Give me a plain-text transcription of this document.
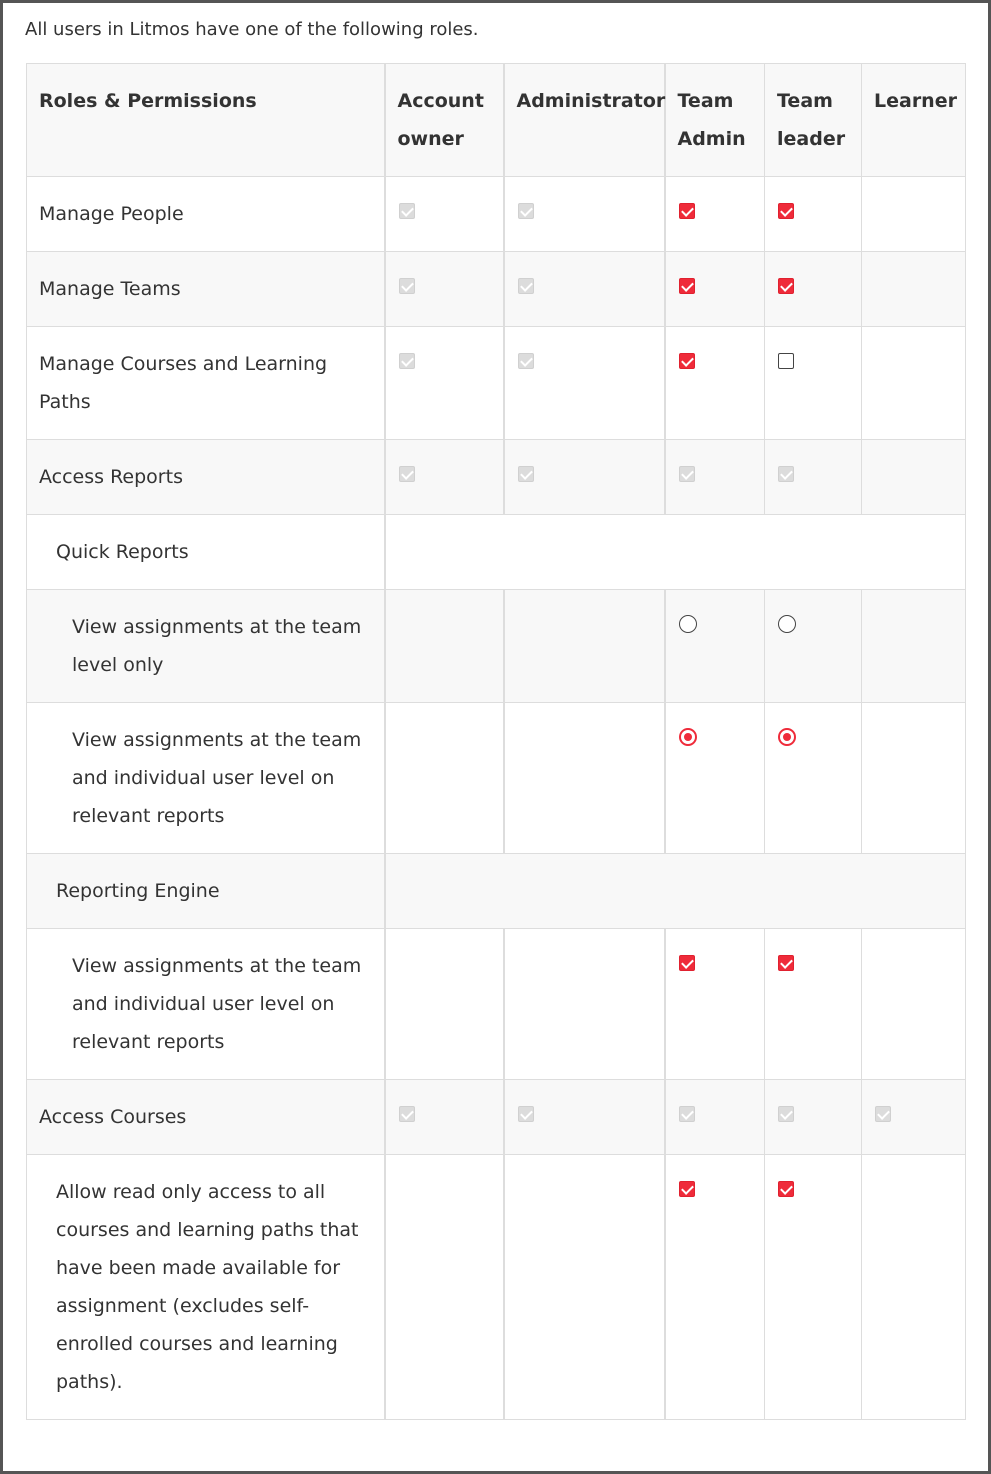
All users in Litmos have one of the following roles.

Roles & Permissions	Account owner	Administrator	Team Admin	Team leader	Learner
Manage People					
Manage Teams					
Manage Courses and Learning Paths					
Access Reports					
Quick Reports					
View assignments at the team level only					
View assignments at the team and individual user level on relevant reports					
Reporting Engine					
View assignments at the team and individual user level on relevant reports					
Access Courses					
Allow read only access to all courses and learning paths that have been made available for assignment (excludes self-enrolled courses and learning paths).					
